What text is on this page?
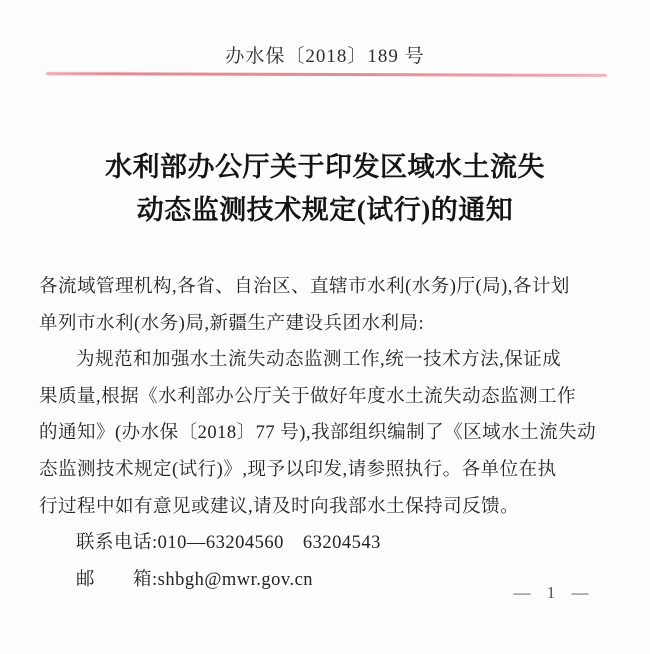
办水保〔2018〕189 号
水利部办公厅关于印发区域水土流失
动态监测技术规定(试行)的通知
各流域管理机构,各省、自治区、直辖市水利(水务)厅(局),各计划
单列市水利(水务)局,新疆生产建设兵团水利局:
为规范和加强水土流失动态监测工作,统一技术方法,保证成
果质量,根据《水利部办公厅关于做好年度水土流失动态监测工作
的通知》(办水保〔2018〕77 号),我部组织编制了《区域水土流失动
态监测技术规定(试行)》,现予以印发,请参照执行。各单位在执
行过程中如有意见或建议,请及时向我部水土保持司反馈。
联系电话:010—63204560　63204543
邮　　箱:shbgh@mwr.gov.cn
— 1 —
